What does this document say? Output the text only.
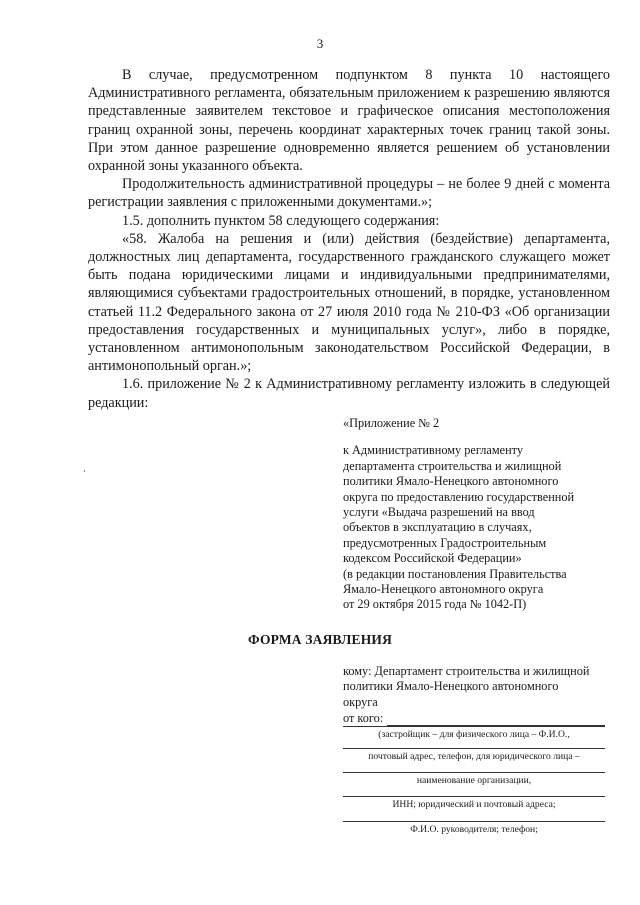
3

В случае, предусмотренном подпунктом 8 пункта 10 настоящего Административного регламента, обязательным приложением к разрешению являются представленные заявителем текстовое и графическое описания местоположения границ охранной зоны, перечень координат характерных точек границ такой зоны. При этом данное разрешение одновременно является решением об установлении охранной зоны указанного объекта.

Продолжительность административной процедуры – не более 9 дней с момента регистрации заявления с приложенными документами.»;

1.5. дополнить пунктом 58 следующего содержания:

«58. Жалоба на решения и (или) действия (бездействие) департамента, должностных лиц департамента, государственного гражданского служащего может быть подана юридическими лицами и индивидуальными предпринимателями, являющимися субъектами градостроительных отношений, в порядке, установленном статьей 11.2 Федерального закона от 27 июля 2010 года № 210-ФЗ «Об организации предоставления государственных и муниципальных услуг», либо в порядке, установленном антимонопольным законодательством Российской Федерации, в антимонопольный орган.»;

1.6. приложение № 2 к Административному регламенту изложить в следующей редакции:

«Приложение № 2
к Административному регламенту
департамента строительства и жилищной
политики Ямало-Ненецкого автономного
округа по предоставлению государственной
услуги «Выдача разрешений на ввод
объектов в эксплуатацию в случаях,
предусмотренных Градостроительным
кодексом Российской Федерации»
(в редакции постановления Правительства
Ямало-Ненецкого автономного округа
от 29 октября 2015 года № 1042-П)
ФОРМА ЗАЯВЛЕНИЯ
кому: Департамент строительства и жилищной
политики Ямало-Ненецкого автономного
округа
от кого:
(застройщик – для физического лица – Ф.И.О.,
почтовый адрес, телефон, для юридического лица –
наименование организации,
ИНН; юридический и почтовый адреса;
Ф.И.О. руководителя; телефон;
